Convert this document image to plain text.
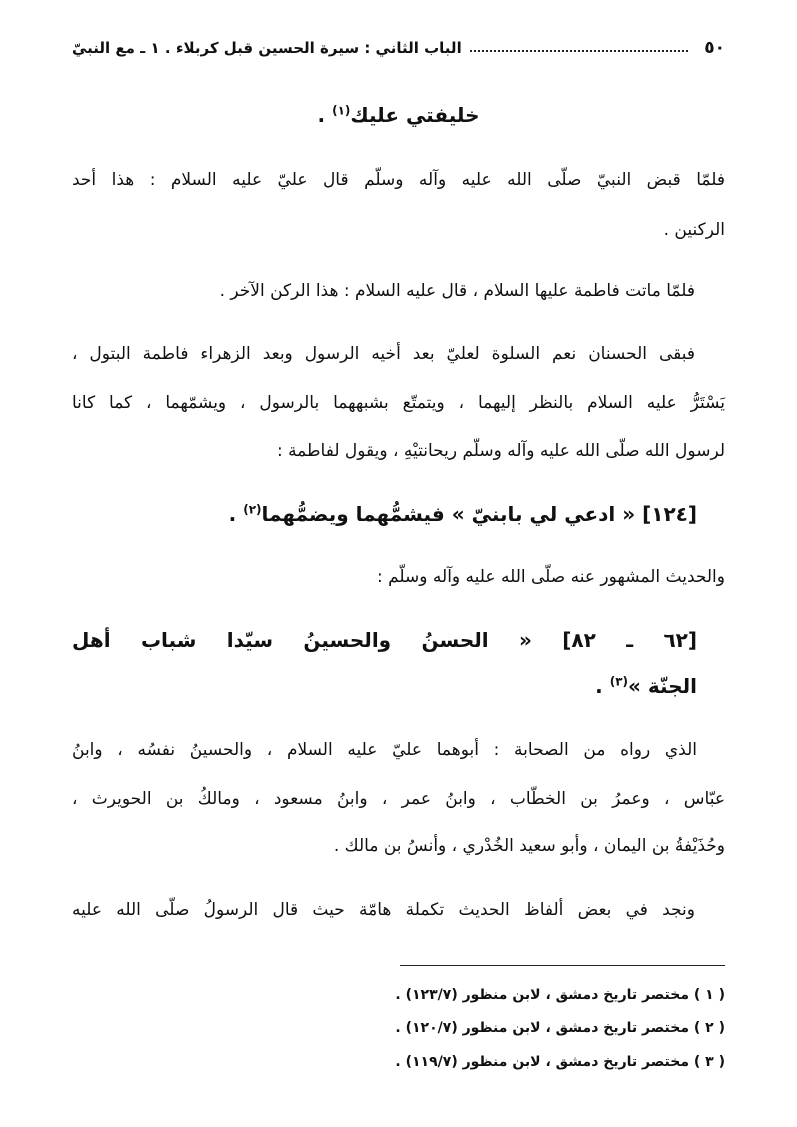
٥٠
الباب الثاني : سيرة الحسين قبل كربلاء . ١ ـ مع النبيّ
خليفتي عليك$^{(١)}$ .
فلمّا قبض النبيّ صلّى الله عليه وآله وسلّم قال عليّ عليه السلام : هذا أحد
الركنين .
فلمّا ماتت فاطمة عليها السلام ، قال عليه السلام : هذا الركن الآخر .
فبقى الحسنان نعم السلوة لعليّ بعد أخيه الرسول وبعد الزهراء فاطمة البتول ،
يَسْتَرُّ عليه السلام بالنظر إليهما ، ويتمتّع بشبههما بالرسول ، ويشمّهما ، كما كانا
لرسول الله صلّى الله عليه وآله وسلّم ريحانتيْهِ ، ويقول لفاطمة :
[١٢٤] « ادعي لي بابنيّ » فيشمُّهما ويضمُّهما$^{(٢)}$ .
والحديث المشهور عنه صلّى الله عليه وآله وسلّم :
[٦٢ ـ ٨٢] « الحسنُ والحسينُ سيّدا شباب أهل
الجنّة »$^{(٣)}$ .
الذي رواه من الصحابة : أبوهما عليّ عليه السلام ، والحسينُ نفسُه ، وابنُ
عبّاس ، وعمرُ بن الخطّاب ، وابنُ عمر ، وابنُ مسعود ، ومالكُ بن الحويرث ،
وحُذَيْفةُ بن اليمان ، وأبو سعيد الخُدْري ، وأنسُ بن مالك .
ونجد في بعض ألفاظ الحديث تكملة هامّة حيث قال الرسولُ صلّى الله عليه
( ١ ) مختصر تاريخ دمشق ، لابن منظور (١٢٣/٧) .
( ٢ ) مختصر تاريخ دمشق ، لابن منظور (١٢٠/٧) .
( ٣ ) مختصر تاريخ دمشق ، لابن منظور (١١٩/٧) .
